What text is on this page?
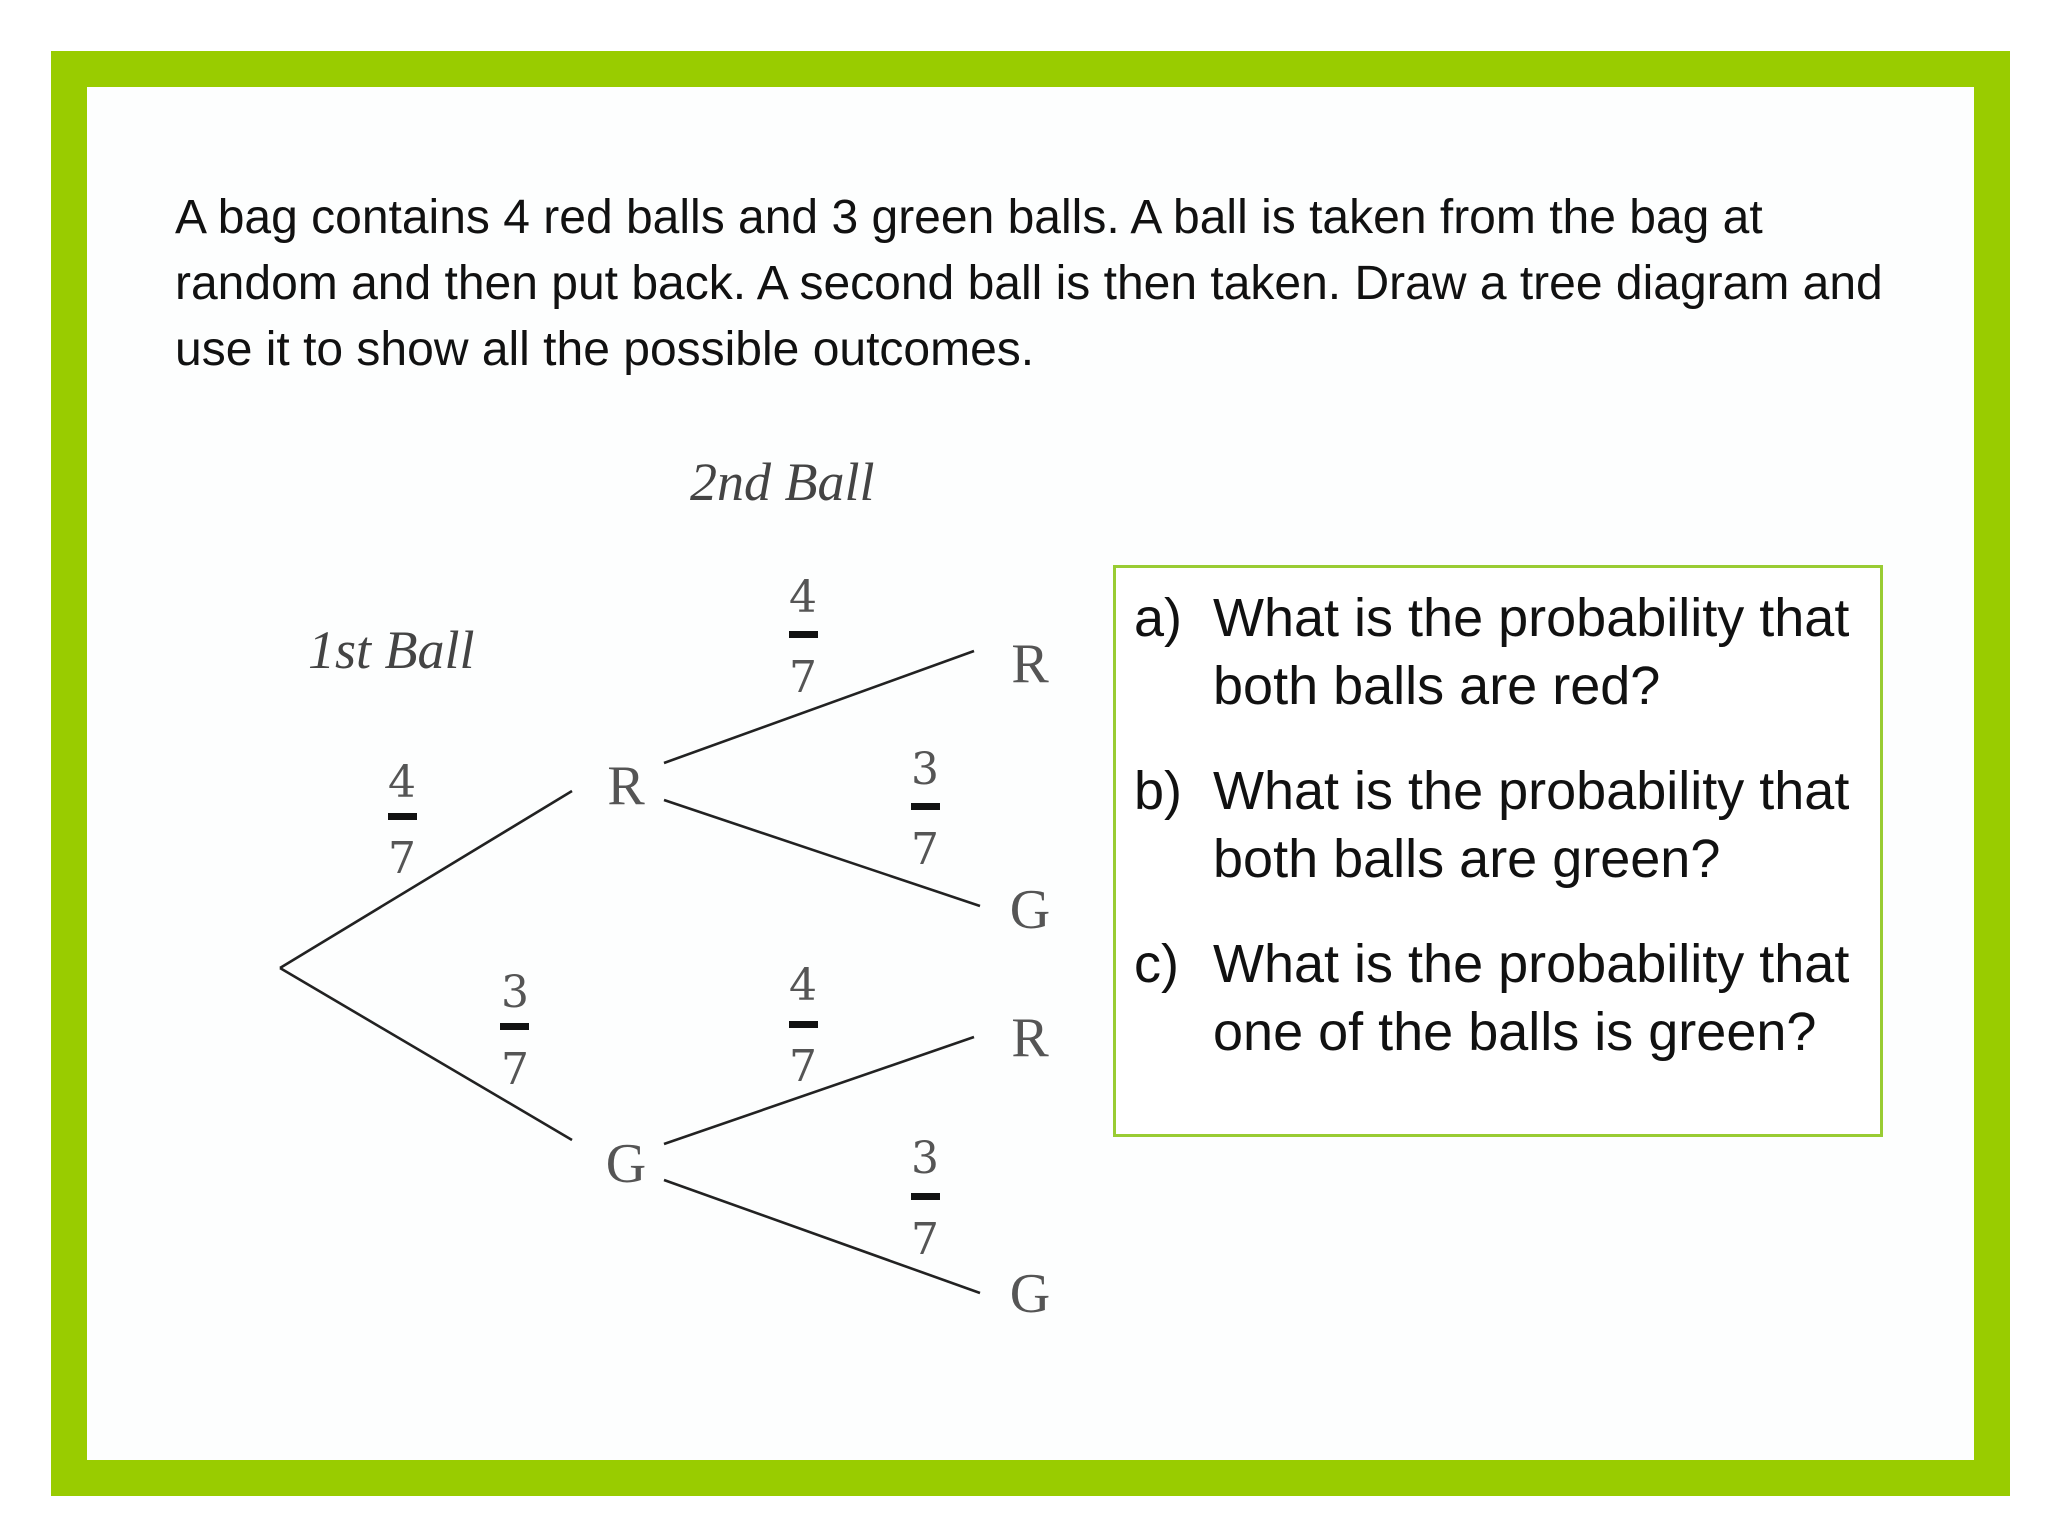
A bag contains 4 red balls and 3 green balls. A ball is taken from the bag at random and then put back. A second ball is then taken. Draw a tree diagram and use it to show all the possible outcomes.

2nd Ball
1st Ball
R
G
R
G
R
G
4
7
3
7
4
7
3
7
4
7
3
7
a) What is the probability that both balls are red?
b) What is the probability that both balls are green?
c) What is the probability that one of the balls is green?
